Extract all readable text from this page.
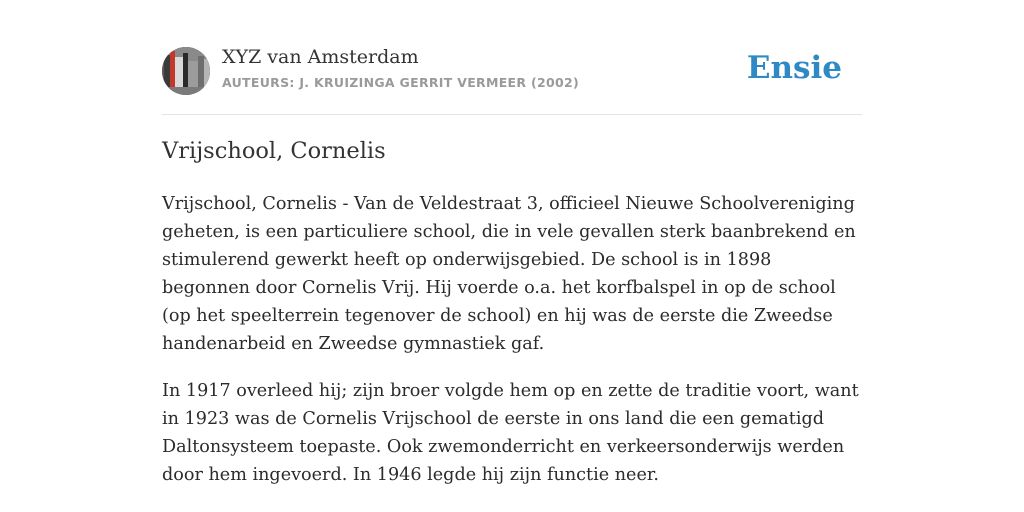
XYZ van Amsterdam
AUTEURS: J. KRUIZINGA GERRIT VERMEER (2002)	Ensie
Vrijschool, Cornelis

Vrijschool, Cornelis - Van de Veldestraat 3, officieel Nieuwe Schoolvereniging geheten, is een particuliere school, die in vele gevallen sterk baanbrekend en stimulerend gewerkt heeft op onderwijsgebied. De school is in 1898 begonnen door Cornelis Vrij. Hij voerde o.a. het korfbalspel in op de school (op het speelterrein tegenover de school) en hij was de eerste die Zweedse handenarbeid en Zweedse gymnastiek gaf.

In 1917 overleed hij; zijn broer volgde hem op en zette de traditie voort, want in 1923 was de Cornelis Vrijschool de eerste in ons land die een gematigd Daltonsysteem toepaste. Ook zwemonderricht en verkeersonderwijs werden door hem ingevoerd. In 1946 legde hij zijn functie neer.
